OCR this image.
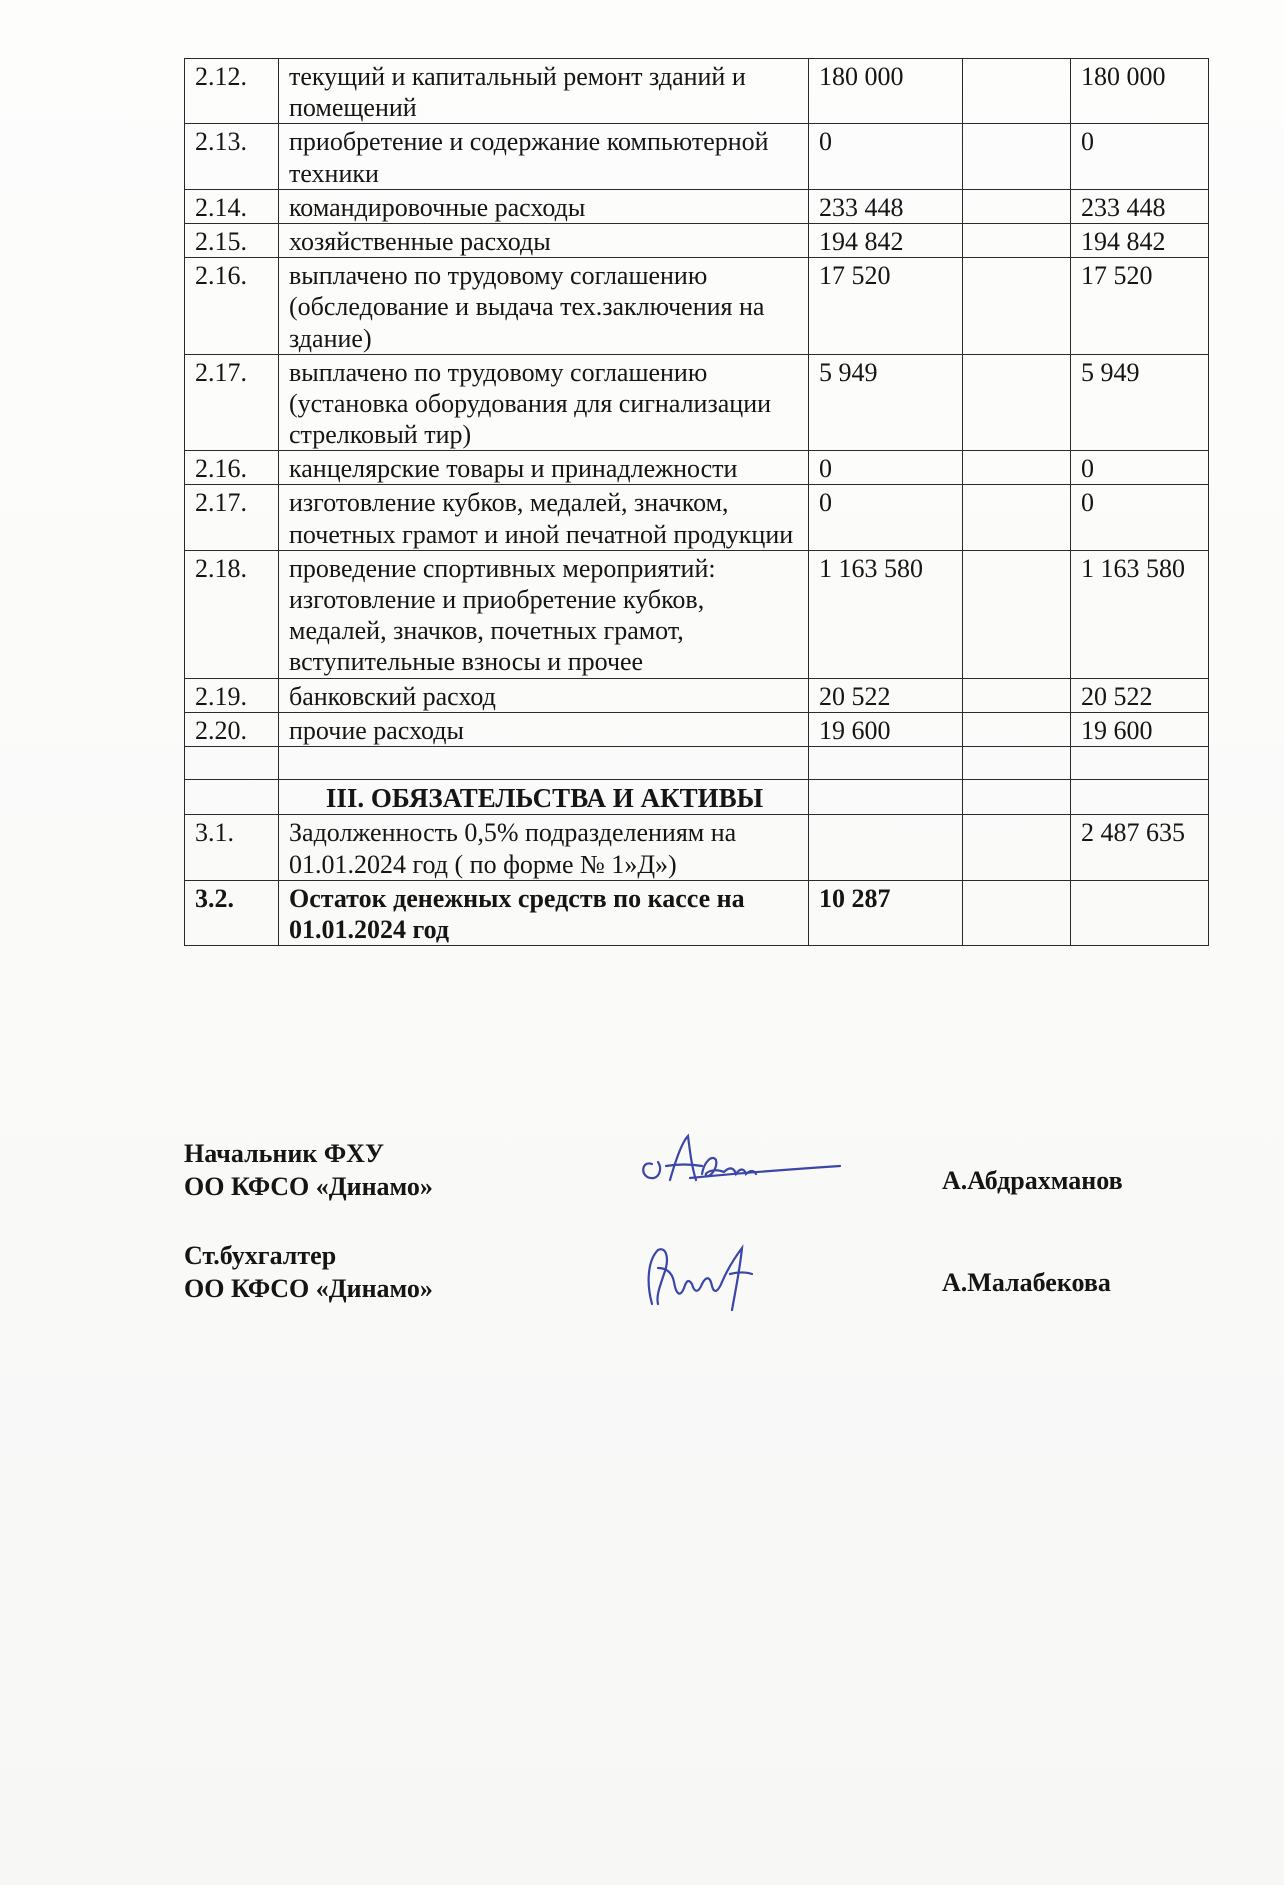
2.12.	текущий и капитальный ремонт зданий и помещений	180 000		180 000
2.13.	приобретение и содержание компьютерной техники	0		0
2.14.	командировочные расходы	233 448		233 448
2.15.	хозяйственные расходы	194 842		194 842
2.16.	выплачено по трудовому соглашению (обследование и выдача тех.заключения на здание)	17 520		17 520
2.17.	выплачено по трудовому соглашению (установка оборудования для сигнализации стрелковый тир)	5 949		5 949
2.16.	канцелярские товары и принадлежности	0		0
2.17.	изготовление кубков, медалей, значком, почетных грамот и иной печатной продукции	0		0
2.18.	проведение спортивных мероприятий: изготовление и приобретение кубков, медалей, значков, почетных грамот, вступительные взносы и прочее	1 163 580		1 163 580
2.19.	банковский расход	20 522		20 522
2.20.	прочие расходы	19 600		19 600

	III. ОБЯЗАТЕЛЬСТВА И АКТИВЫ			
3.1.	Задолженность 0,5% подразделениям на 01.01.2024 год ( по форме № 1»Д»)			2 487 635
3.2.	Остаток денежных средств по кассе на 01.01.2024 год	10 287		
Начальник ФХУ
ОО КФСО «Динамо»	А.Абдрахманов
Ст.бухгалтер
ОО КФСО «Динамо»	А.Малабекова
